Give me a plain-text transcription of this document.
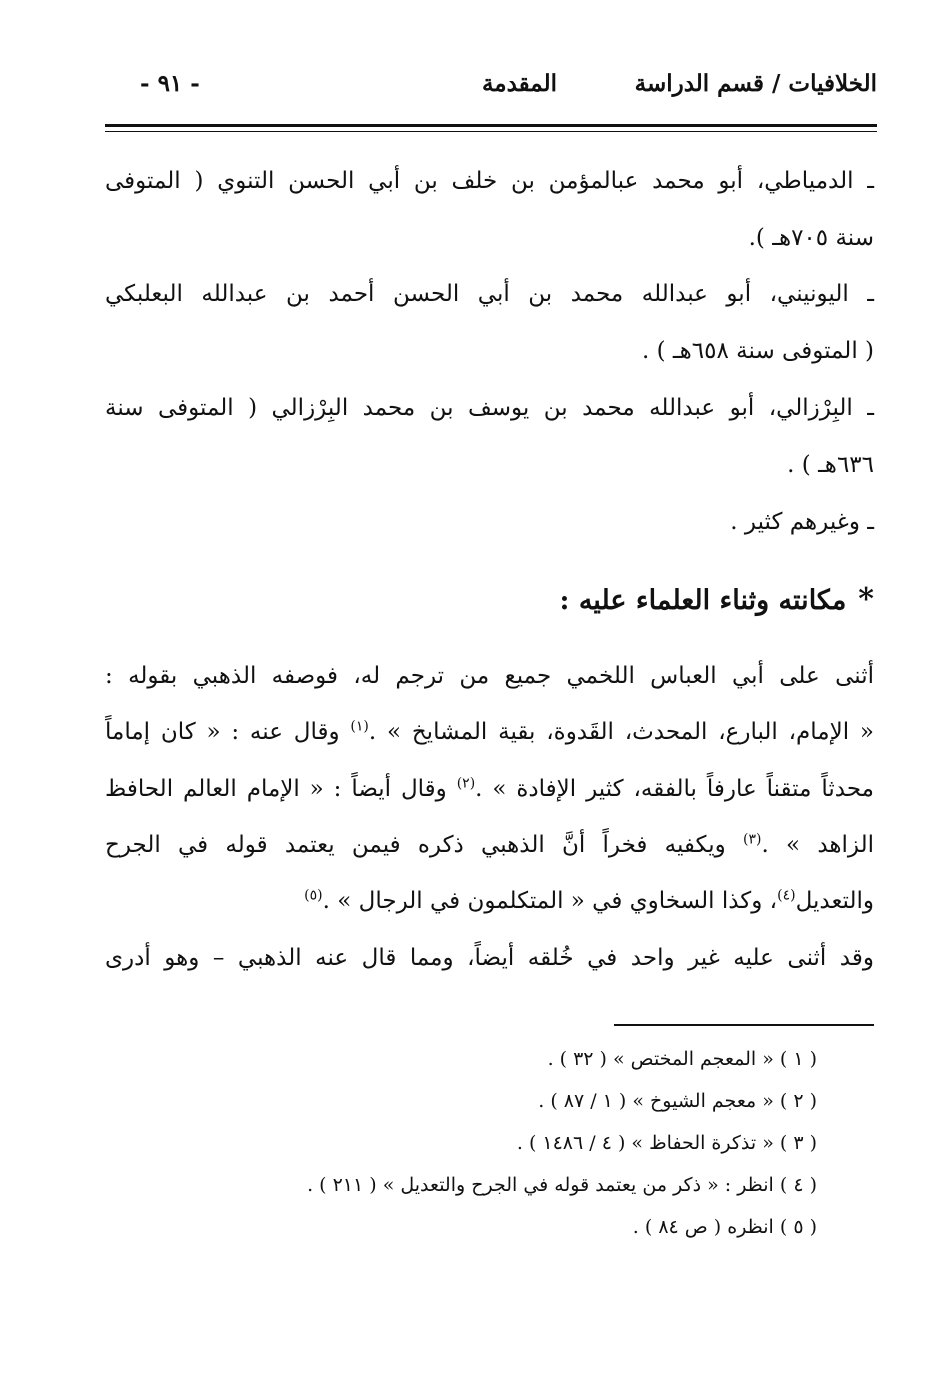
الخلافيات / قسم الدراسة
المقدمة
- ٩١ -
ـ الدمياطي، أبو محمد عبالمؤمن بن خلف بن أبي الحسن التنوي ( المتوفى
سنة ٧٠٥هـ ).
ـ اليونيني، أبو عبدالله محمد بن أبي الحسن أحمد بن عبدالله البعلبكي
( المتوفى سنة ٦٥٨هـ ) .
ـ البِرْزالي، أبو عبدالله محمد بن يوسف بن محمد البِرْزالي ( المتوفى سنة
٦٣٦هـ ) .
ـ وغيرهم كثير .
*مكانته وثناء العلماء عليه :
أثنى على أبي العباس اللخمي جميع من ترجم له، فوصفه الذهبي بقوله :
« الإمام، البارع، المحدث، القَدوة، بقية المشايخ » .$^{(١)}$ وقال عنه : « كان إماماً
محدثاً متقناً عارفاً بالفقه، كثير الإفادة » .$^{(٢)}$ وقال أيضاً : « الإمام العالم الحافظ
الزاهد » .$^{(٣)}$ ويكفيه فخراً أنَّ الذهبي ذكره فيمن يعتمد قوله في الجرح
والتعديل$^{(٤)}$، وكذا السخاوي في « المتكلمون في الرجال » .$^{(٥)}$
وقد أثنى عليه غير واحد في خُلقه أيضاً، ومما قال عنه الذهبي – وهو أدرى
( ١ ) « المعجم المختص » ( ٣٢ ) .
( ٢ ) « معجم الشيوخ » ( ١ / ٨٧ ) .
( ٣ ) « تذكرة الحفاظ » ( ٤ / ١٤٨٦ ) .
( ٤ ) انظر : « ذكر من يعتمد قوله في الجرح والتعديل » ( ٢١١ ) .
( ٥ ) انظره ( ص ٨٤ ) .
